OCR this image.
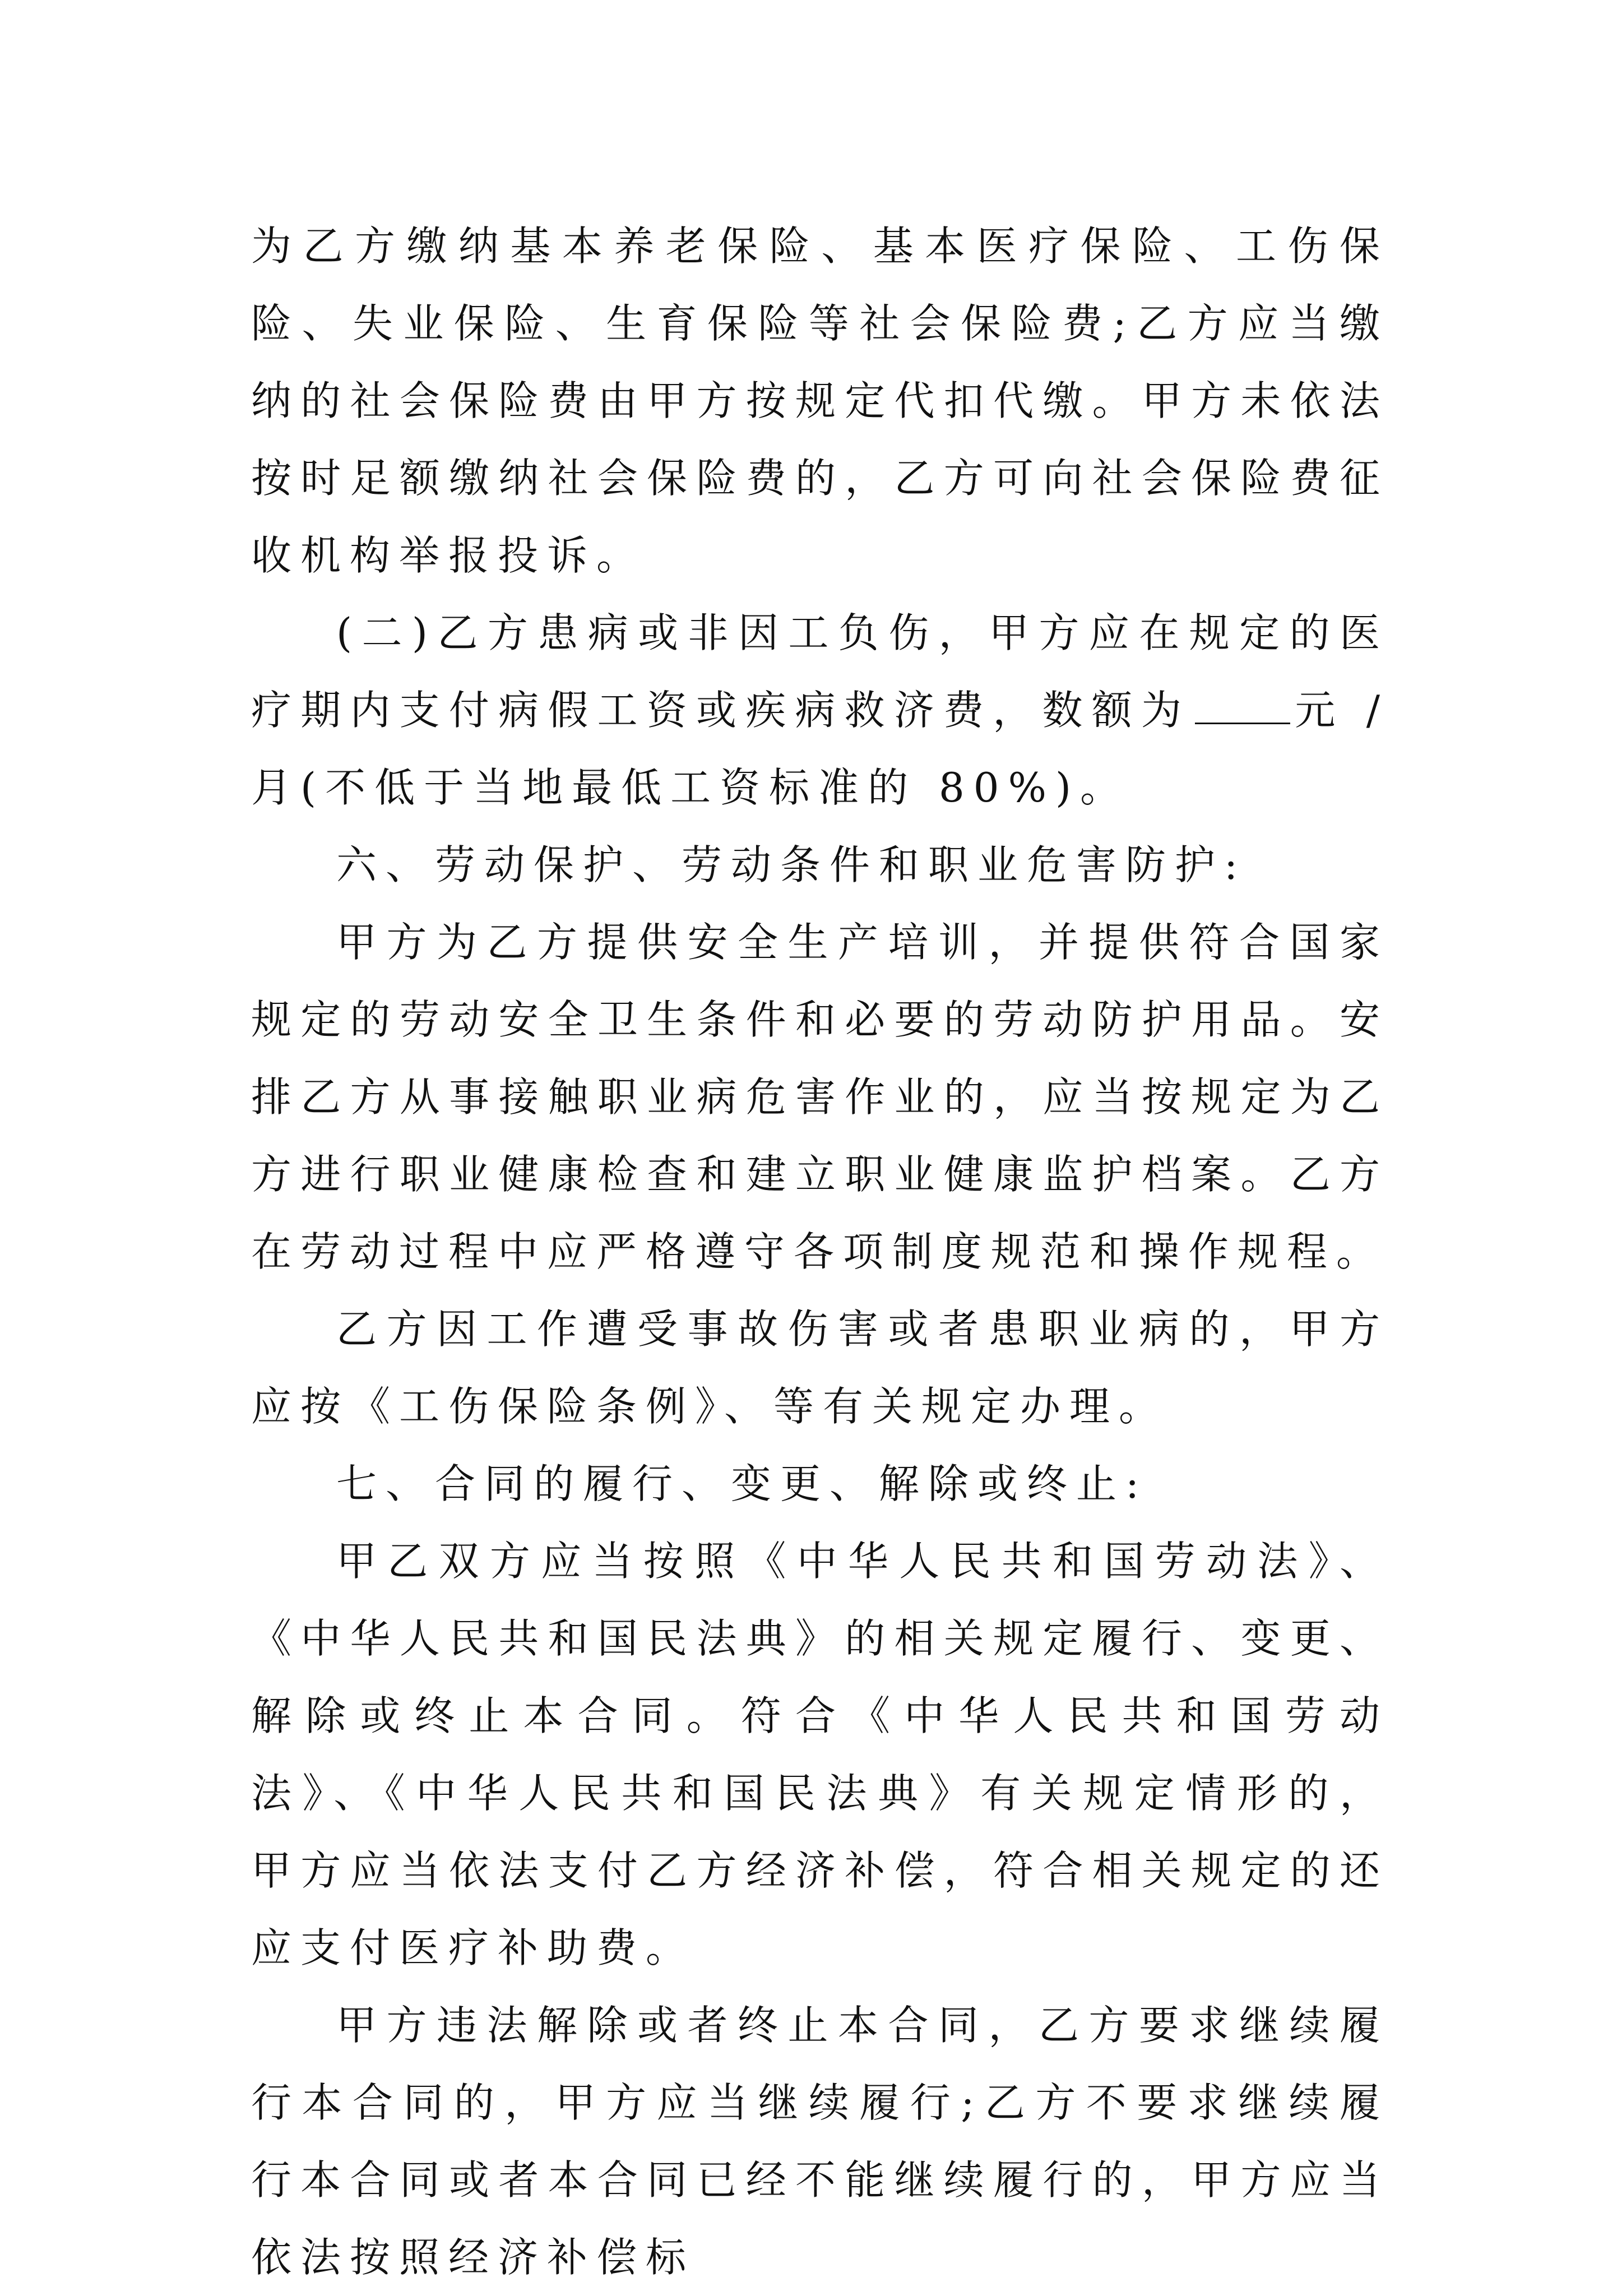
为乙方缴纳基本养老保险、基本医疗保险、工伤保险、失业保险、生育保险等社会保险费;乙方应当缴纳的社会保险费由甲方按规定代扣代缴。甲方未依法按时足额缴纳社会保险费的，乙方可向社会保险费征收机构举报投诉。

(二)乙方患病或非因工负伤，甲方应在规定的医疗期内支付病假工资或疾病救济费，数额为	元 /月(不低于当地最低工资标准的 80%)。

六、劳动保护、劳动条件和职业危害防护:

甲方为乙方提供安全生产培训，并提供符合国家规定的劳动安全卫生条件和必要的劳动防护用品。安排乙方从事接触职业病危害作业的，应当按规定为乙方进行职业健康检查和建立职业健康监护档案。乙方在劳动过程中应严格遵守各项制度规范和操作规程。

乙方因工作遭受事故伤害或者患职业病的，甲方应按《工伤保险条例》、等有关规定办理。

七、合同的履行、变更、解除或终止:

甲乙双方应当按照《中华人民共和国劳动法》、《中华人民共和国民法典》的相关规定履行、变更、解除或终止本合同。符合《中华人民共和国劳动法》、《中华人民共和国民法典》有关规定情形的，甲方应当依法支付乙方经济补偿，符合相关规定的还应支付医疗补助费。

甲方违法解除或者终止本合同，乙方要求继续履行本合同的，甲方应当继续履行;乙方不要求继续履行本合同或者本合同已经不能继续履行的，甲方应当依法按照经济补偿标
